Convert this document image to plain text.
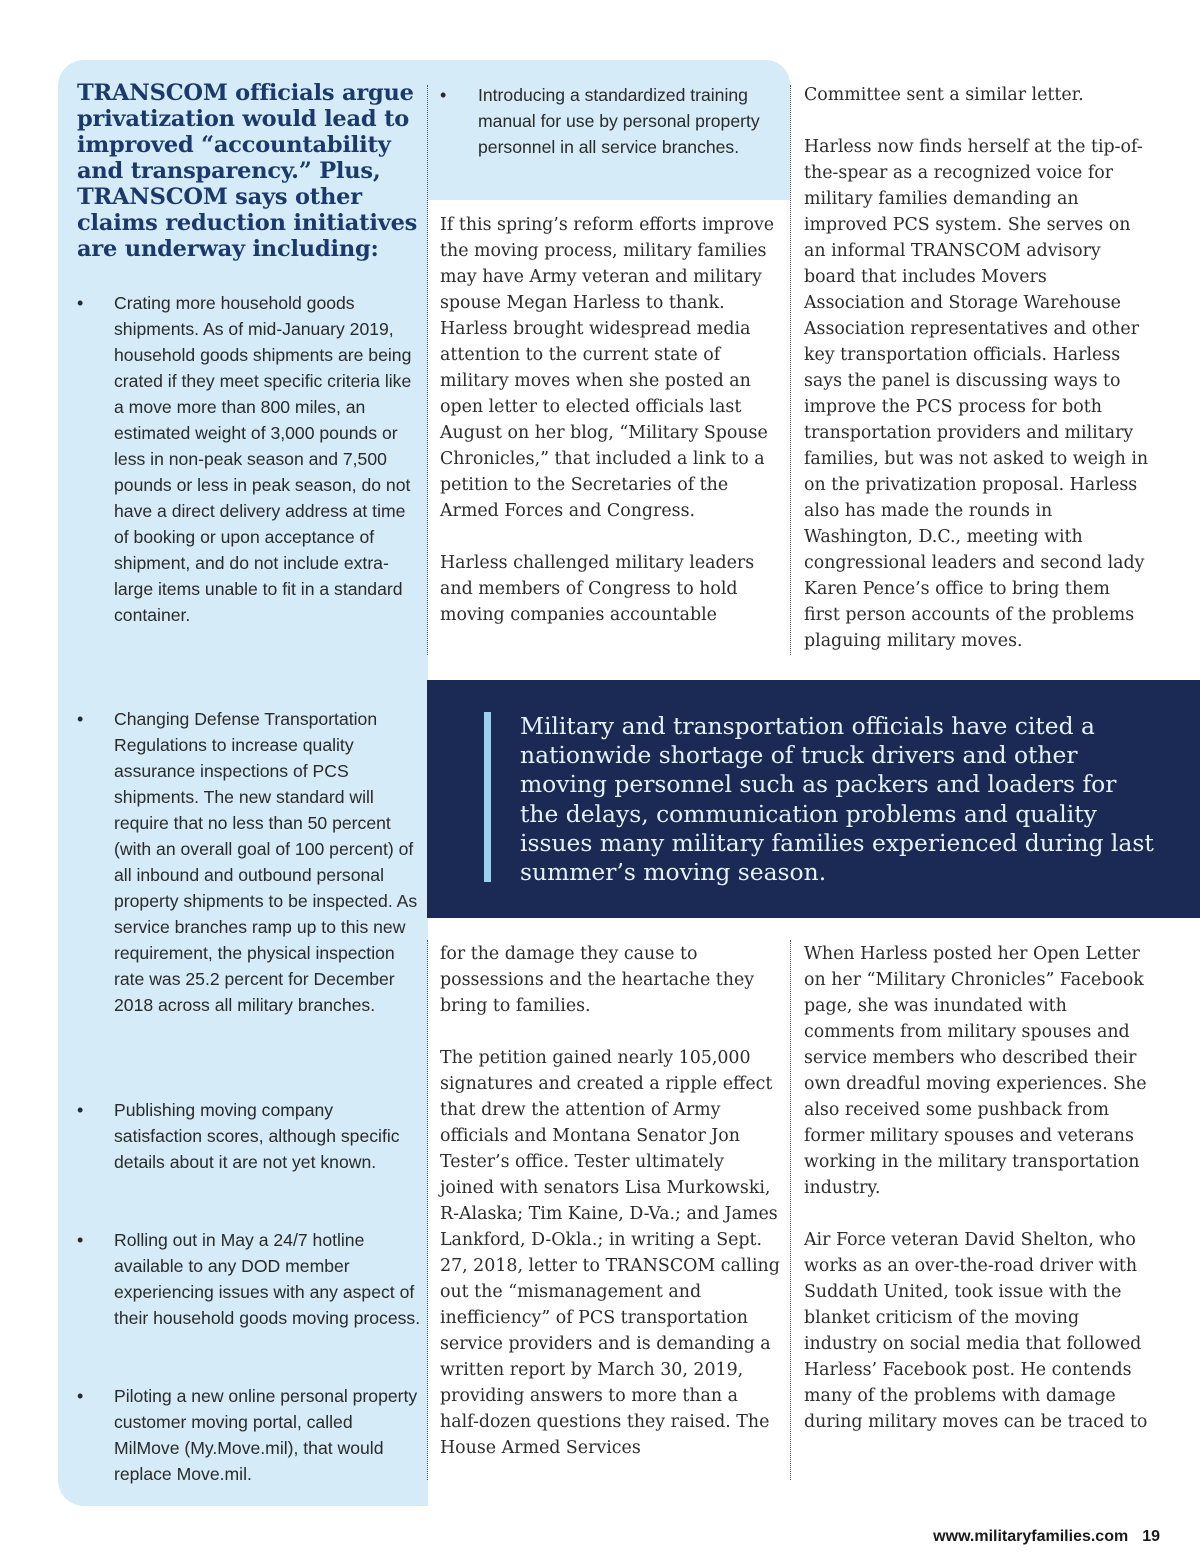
TRANSCOM officials argue privatization would lead to improved “accountability and transparency.” Plus, TRANSCOM says other claims reduction initiatives are underway including:
• Crating more household goods shipments. As of mid-January 2019, household goods shipments are being crated if they meet specific criteria like a move more than 800 miles, an estimated weight of 3,000 pounds or less in non-peak season and 7,500 pounds or less in peak season, do not have a direct delivery address at time of booking or upon acceptance of shipment, and do not include extra-large items unable to fit in a standard container.
• Changing Defense Transportation Regulations to increase quality assurance inspections of PCS shipments. The new standard will require that no less than 50 percent (with an overall goal of 100 percent) of all inbound and outbound personal property shipments to be inspected. As service branches ramp up to this new requirement, the physical inspection rate was 25.2 percent for December 2018 across all military branches.
• Publishing moving company satisfaction scores, although specific details about it are not yet known.
• Rolling out in May a 24/7 hotline available to any DOD member experiencing issues with any aspect of their household goods moving process.
• Piloting a new online personal property customer moving portal, called MilMove (My.Move.mil), that would replace Move.mil.
• Introducing a standardized training manual for use by personal property personnel in all service branches.

If this spring’s reform efforts improve the moving process, military families may have Army veteran and military spouse Megan Harless to thank. Harless brought widespread media attention to the current state of military moves when she posted an open letter to elected officials last August on her blog, “Military Spouse Chronicles,” that included a link to a petition to the Secretaries of the Armed Forces and Congress.

Harless challenged military leaders and members of Congress to hold moving companies accountable

Committee sent a similar letter.

Harless now finds herself at the tip-of-the-spear as a recognized voice for military families demanding an improved PCS system. She serves on an informal TRANSCOM advisory board that includes Movers Association and Storage Warehouse Association representatives and other key transportation officials. Harless says the panel is discussing ways to improve the PCS process for both transportation providers and military families, but was not asked to weigh in on the privatization proposal. Harless also has made the rounds in Washington, D.C., meeting with congressional leaders and second lady Karen Pence’s office to bring them first person accounts of the problems plaguing military moves.

Military and transportation officials have cited a nationwide shortage of truck drivers and other moving personnel such as packers and loaders for the delays, communication problems and quality issues many military families experienced during last summer’s moving season.

for the damage they cause to possessions and the heartache they bring to families.

The petition gained nearly 105,000 signatures and created a ripple effect that drew the attention of Army officials and Montana Senator Jon Tester’s office. Tester ultimately joined with senators Lisa Murkowski, R-Alaska; Tim Kaine, D-Va.; and James Lankford, D-Okla.; in writing a Sept. 27, 2018, letter to TRANSCOM calling out the “mismanagement and inefficiency” of PCS transportation service providers and is demanding a written report by March 30, 2019, providing answers to more than a half-dozen questions they raised. The House Armed Services

When Harless posted her Open Letter on her “Military Chronicles” Facebook page, she was inundated with comments from military spouses and service members who described their own dreadful moving experiences. She also received some pushback from former military spouses and veterans working in the military transportation industry.

Air Force veteran David Shelton, who works as an over-the-road driver with Suddath United, took issue with the blanket criticism of the moving industry on social media that followed Harless’ Facebook post. He contends many of the problems with damage during military moves can be traced to

www.militaryfamilies.com 19
